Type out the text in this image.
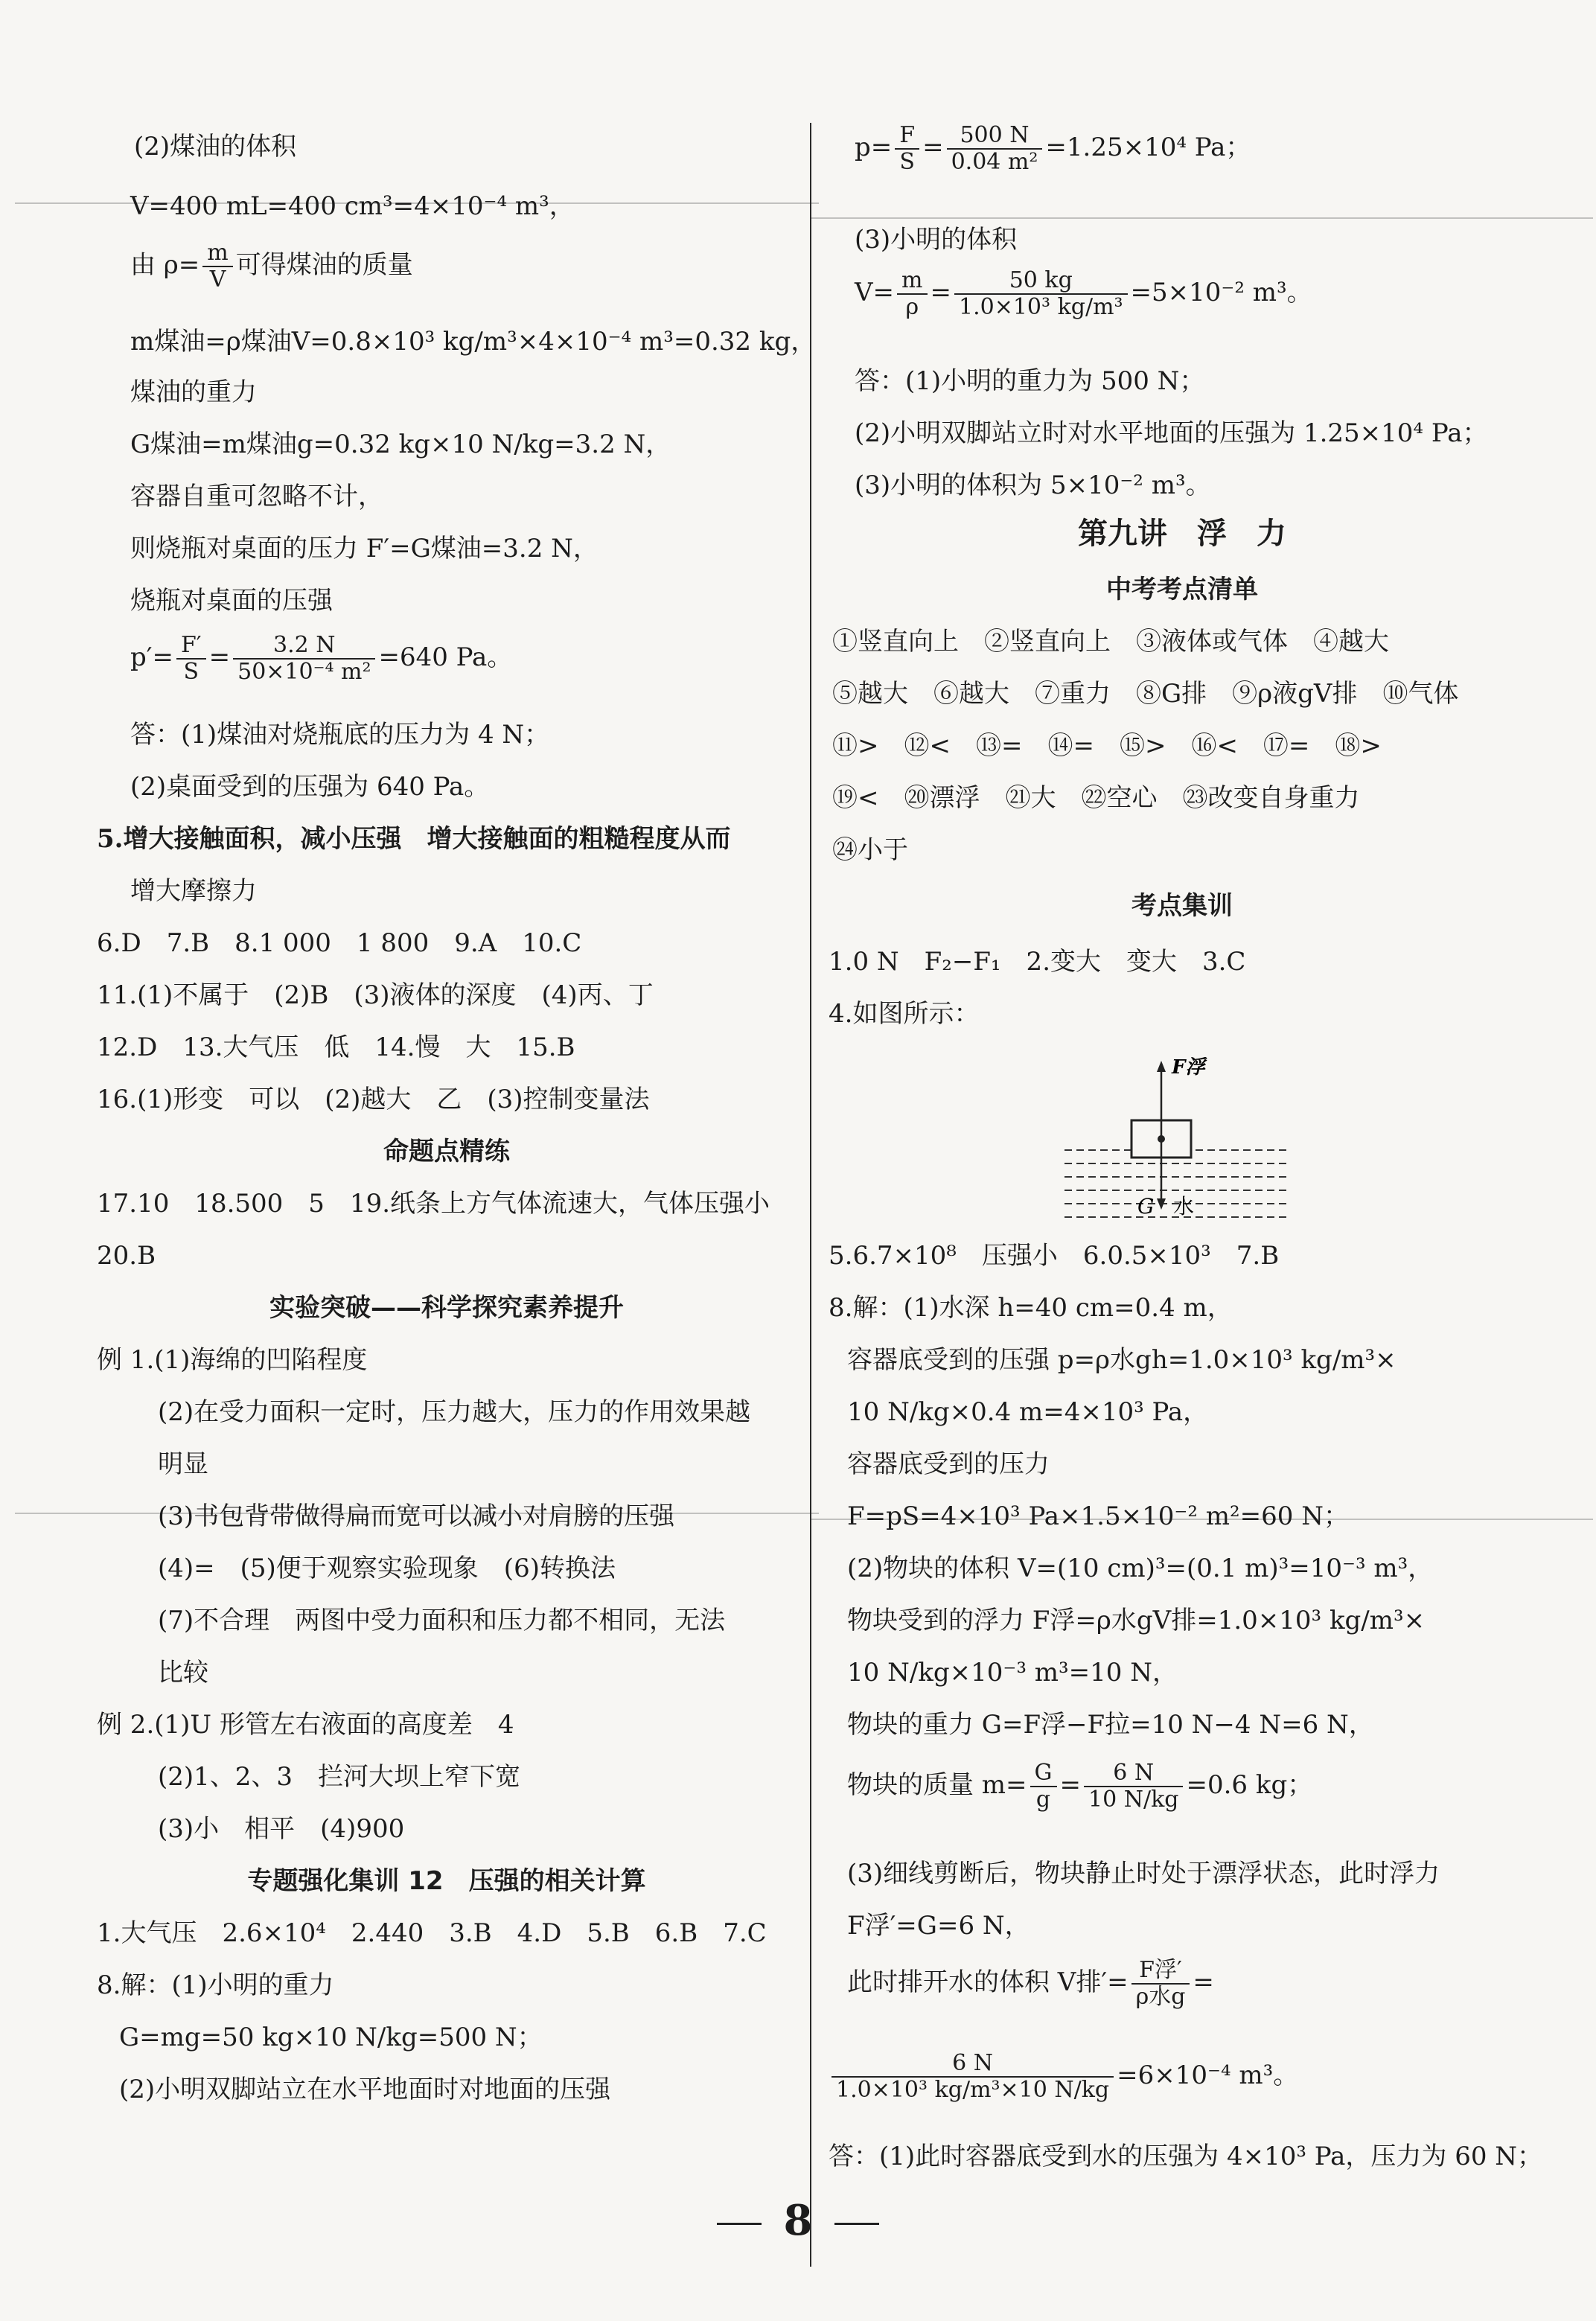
(2)煤油的体积
V=400 mL=400 cm³=4×10⁻⁴ m³，
由 $\rho= \frac{m}{V}$ 可得煤油的质量
m煤油=ρ煤油V=0.8×10³ kg/m³×4×10⁻⁴ m³=0.32 kg，
煤油的重力
G煤油=m煤油g=0.32 kg×10 N/kg=3.2 N，
容器自重可忽略不计，
则烧瓶对桌面的压力 F′=G煤油=3.2 N，
烧瓶对桌面的压强
$p'= \frac{F'}{S} = \frac{3.2 N}{\text{50×10⁻⁴ m²}} =640$ Pa。
答：(1)煤油对烧瓶底的压力为 4 N；
(2)桌面受到的压强为 640 Pa。
5.增大接触面积，减小压强　增大接触面的粗糙程度从而
增大摩擦力
6.D　7.B　8.1 000　1 800　9.A　10.C
11.(1)不属于　(2)B　(3)液体的深度　(4)丙、丁
12.D　13.大气压　低　14.慢　大　15.B
16.(1)形变　可以　(2)越大　乙　(3)控制变量法
命题点精练
17.10　18.500　5　19.纸条上方气体流速大，气体压强小
20.B
实验突破——科学探究素养提升
例 1.(1)海绵的凹陷程度
(2)在受力面积一定时，压力越大，压力的作用效果越
明显
(3)书包背带做得扁而宽可以减小对肩膀的压强
(4)=　(5)便于观察实验现象　(6)转换法
(7)不合理　两图中受力面积和压力都不相同，无法
比较
例 2.(1)U 形管左右液面的高度差　4
(2)1、2、3　拦河大坝上窄下宽
(3)小　相平　(4)900
专题强化集训 12　压强的相关计算
1.大气压　2.6×10⁴　2.440　3.B　4.D　5.B　6.B　7.C
8.解：(1)小明的重力
G=mg=50 kg×10 N/kg=500 N；
(2)小明双脚站立在水平地面时对地面的压强
$p= \frac{F}{S} = \frac{500 N}{\text{0.04 m²}} =1.25\times 10^4$ Pa；
(3)小明的体积
$V= \frac{m}{\rho} = \frac{50 kg}{\text{1.0×10³ kg/m³}} =5\times 10^{-2}$ m³。
答：(1)小明的重力为 500 N；
(2)小明双脚站立时对水平地面的压强为 1.25×10⁴ Pa；
(3)小明的体积为 5×10⁻² m³。
第九讲　浮　力
中考考点清单
①竖直向上　②竖直向上　③液体或气体　④越大
⑤越大　⑥越大　⑦重力　⑧G排　⑨ρ液gV排　⑩气体
⑪>　⑫<　⑬=　⑭=　⑮>　⑯<　⑰=　⑱>
⑲<　⑳漂浮　㉑大　㉒空心　㉓改变自身重力
㉔小于
考点集训
1.0 N　F₂−F₁　2.变大　变大　3.C
4.如图所示：
5.6.7×10⁸　压强小　6.0.5×10³　7.B
8.解：(1)水深 h=40 cm=0.4 m，
容器底受到的压强 p=ρ水gh=1.0×10³ kg/m³×
10 N/kg×0.4 m=4×10³ Pa，
容器底受到的压力
F=pS=4×10³ Pa×1.5×10⁻² m²=60 N；
(2)物块的体积 V=(10 cm)³=(0.1 m)³=10⁻³ m³，
物块受到的浮力 F浮=ρ水gV排=1.0×10³ kg/m³×
10 N/kg×10⁻³ m³=10 N，
物块的重力 G=F浮−F拉=10 N−4 N=6 N，
物块的质量 $m= \frac{G}{g} = \frac{6 N}{10 N/kg} =0.6$ kg；
(3)细线剪断后，物块静止时处于漂浮状态，此时浮力
F浮′=G=6 N，
此时排开水的体积 V排′= $\frac{\text{F浮′}}{\text{ρ水g}}$ =
$\frac{6 N}{\text{1.0×10³ kg/m³×10 N/kg}} =6\times 10^{-4}$ m³。
答：(1)此时容器底受到水的压强为 4×10³ Pa，压力为 60 N；
F浮
G 水
8
